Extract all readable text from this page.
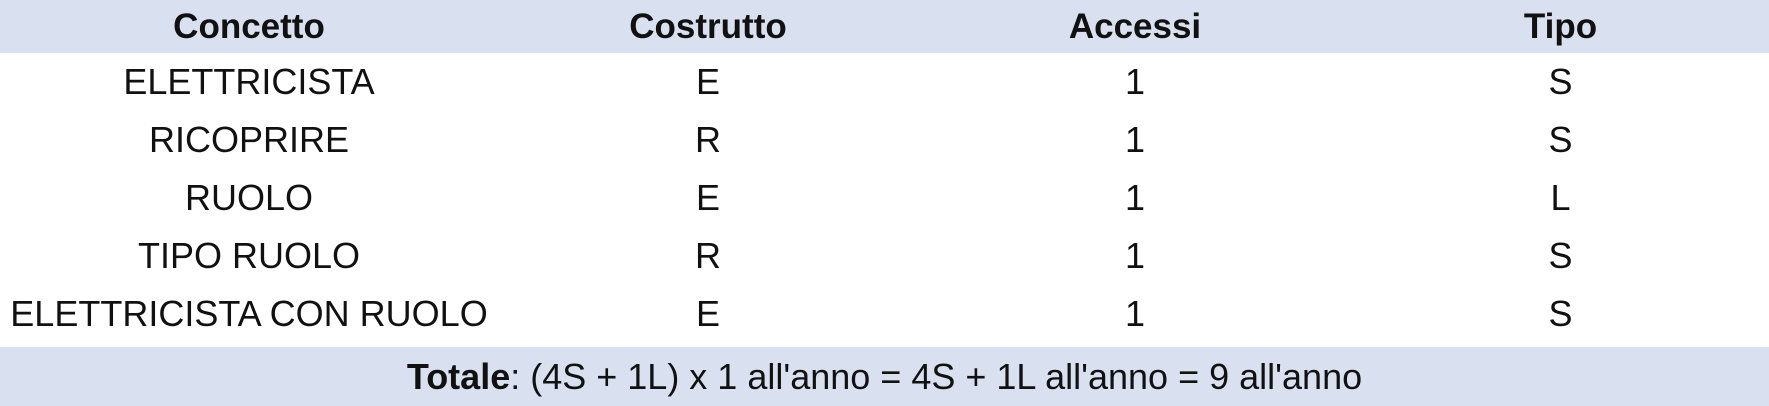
Concetto	Costrutto	Accessi	Tipo
ELETTRICISTA	E	1	S
RICOPRIRE	R	1	S
RUOLO	E	1	L
TIPO RUOLO	R	1	S
ELETTRICISTA CON RUOLO	E	1	S
Totale: (4S + 1L) x 1 all'anno = 4S + 1L all'anno = 9 all'anno
